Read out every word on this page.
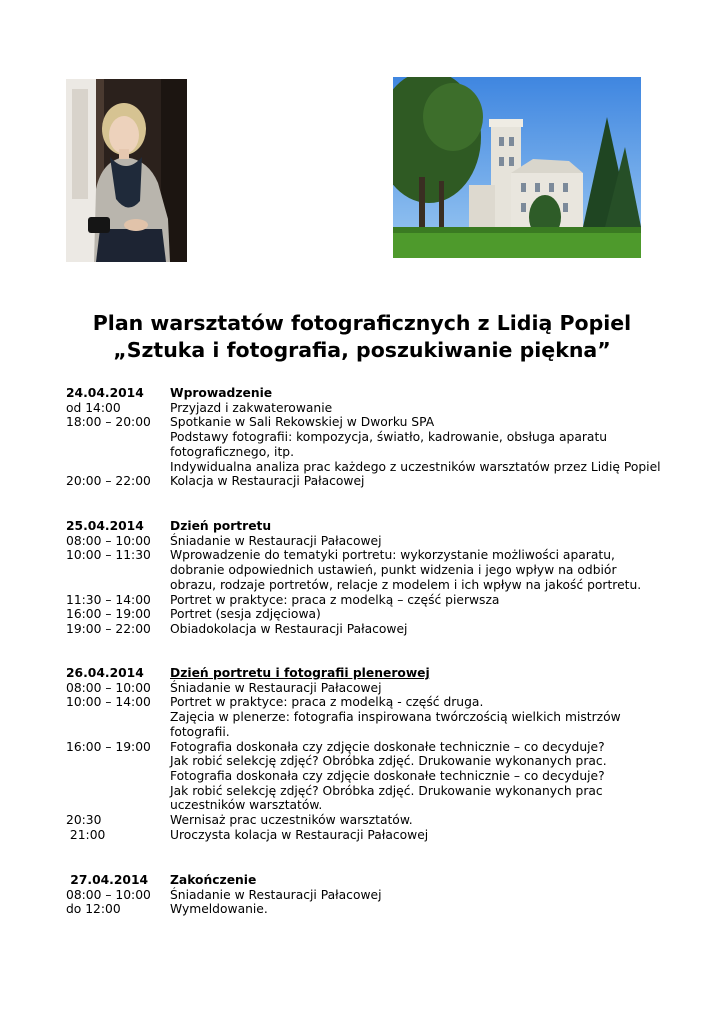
Plan warsztatów fotograficznych z Lidią Popiel
„Sztuka i fotografia, poszukiwanie piękna”
24.04.2014	Wprowadzenie
od 14:00	Przyjazd i zakwaterowanie
18:00 – 20:00	Spotkanie w Sali Rekowskiej w Dworku SPA
Podstawy fotografii: kompozycja, światło, kadrowanie, obsługa aparatu
fotograficznego, itp.
Indywidualna analiza prac każdego z uczestników warsztatów przez Lidię Popiel
20:00 – 22:00	Kolacja w Restauracji Pałacowej
25.04.2014	Dzień portretu
08:00 – 10:00	Śniadanie w Restauracji Pałacowej
10:00 – 11:30	Wprowadzenie do tematyki portretu: wykorzystanie możliwości aparatu,
dobranie odpowiednich ustawień, punkt widzenia i jego wpływ na odbiór
obrazu, rodzaje portretów, relacje z modelem i ich wpływ na jakość portretu.
11:30 – 14:00	Portret w praktyce: praca z modelką – część pierwsza
16:00 – 19:00	Portret (sesja zdjęciowa)
19:00 – 22:00	Obiadokolacja w Restauracji Pałacowej
26.04.2014	Dzień portretu i fotografii plenerowej
08:00 – 10:00	Śniadanie w Restauracji Pałacowej
10:00 – 14:00	Portret w praktyce: praca z modelką - część druga.
Zajęcia w plenerze: fotografia inspirowana twórczością wielkich mistrzów
fotografii.
16:00 – 19:00	Fotografia doskonała czy zdjęcie doskonałe technicznie – co decyduje?
Jak robić selekcję zdjęć? Obróbka zdjęć. Drukowanie wykonanych prac.
Fotografia doskonała czy zdjęcie doskonałe technicznie – co decyduje?
Jak robić selekcję zdjęć? Obróbka zdjęć. Drukowanie wykonanych prac
uczestników warsztatów.
20:30	Wernisaż prac uczestników warsztatów.
21:00	Uroczysta kolacja w Restauracji Pałacowej
27.04.2014	Zakończenie
08:00 – 10:00	Śniadanie w Restauracji Pałacowej
do 12:00	Wymeldowanie.
